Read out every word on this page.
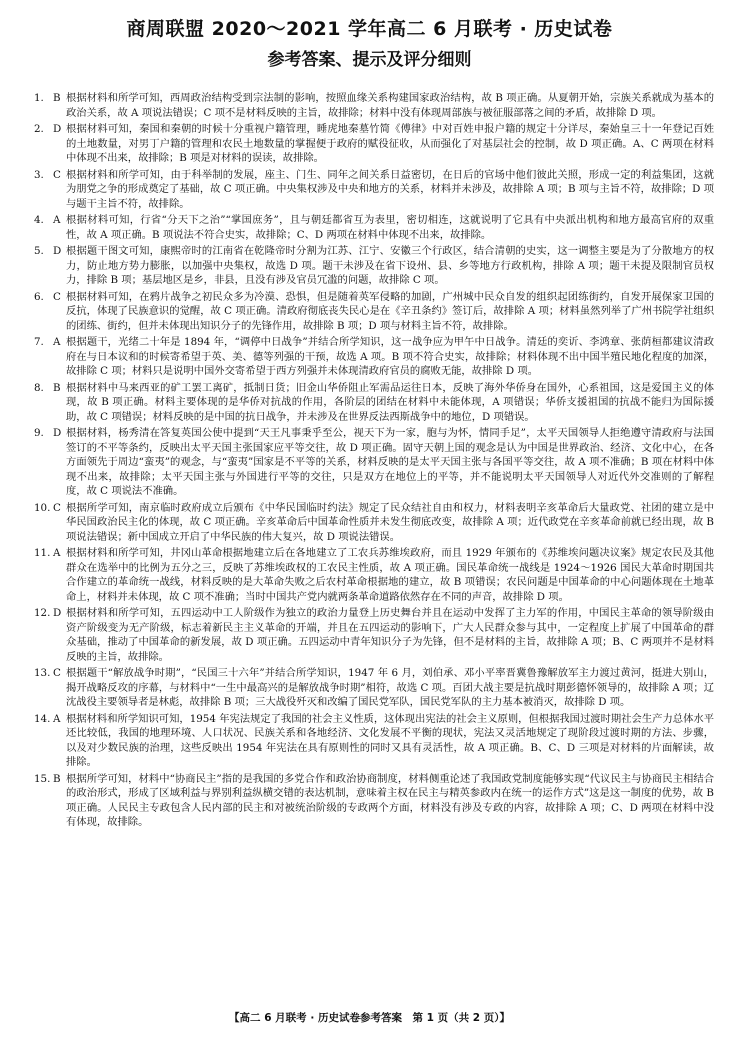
商周联盟 2020～2021 学年高二 6 月联考 · 历史试卷
参考答案、提示及评分细则
1. B 根据材料和所学可知，西周政治结构受到宗法制的影响，按照血缘关系构建国家政治结构，故 B 项正确。从夏朝开始，宗族关系就成为基本的政治关系，故 A 项说法错误；C 项不是材料反映的主旨，故排除；材料中没有体现周部族与被征服部落之间的矛盾，故排除 D 项。
2. D 根据材料可知，秦国和秦朝的时候十分重视户籍管理，睡虎地秦墓竹简《傅律》中对百姓申报户籍的规定十分详尽，秦始皇三十一年登记百姓的土地数量，对男丁户籍的管理和农民土地数量的掌握便于政府的赋役征收，从而强化了对基层社会的控制，故 D 项正确。A、C 两项在材料中体现不出来，故排除；B 项是对材料的误读，故排除。
3. C 根据材料和所学可知，由于科举制的发展，座主、门生、同年之间关系日益密切，在日后的官场中他们彼此关照，形成一定的利益集团，这就为朋党之争的形成奠定了基础，故 C 项正确。中央集权涉及中央和地方的关系，材料并未涉及，故排除 A 项；B 项与主旨不符，故排除；D 项与题干主旨不符，故排除。
4. A 根据材料可知，行省“分天下之治”“掌国庶务”，且与朝廷都省互为表里，密切相连，这就说明了它具有中央派出机构和地方最高官府的双重性，故 A 项正确。B 项说法不符合史实，故排除；C、D 两项在材料中体现不出来，故排除。
5. D 根据题干图文可知，康熙帝时的江南省在乾隆帝时分割为江苏、江宁、安徽三个行政区，结合清朝的史实，这一调整主要是为了分散地方的权力，防止地方势力膨胀，以加强中央集权，故选 D 项。题干未涉及在省下设州、县、乡等地方行政机构，排除 A 项；题干未提及限制官员权力，排除 B 项；基层地区是乡，非县，且没有涉及官员冗滥的问题，故排除 C 项。
6. C 根据材料可知，在鸦片战争之初民众多为冷漠、恐惧，但是随着英军侵略的加剧，广州城中民众自发的组织起团练街约，自发开展保家卫国的反抗，体现了民族意识的觉醒，故 C 项正确。清政府彻底丧失民心是在《辛丑条约》签订后，故排除 A 项；材料虽然列举了广州书院学社组织的团练、街约，但并未体现出知识分子的先锋作用，故排除 B 项；D 项与材料主旨不符，故排除。
7. A 根据题干，光绪二十年是 1894 年，“调停中日战争”并结合所学知识，这一战争应为甲午中日战争。清廷的奕䜣、李鸿章、张荫桓都建议清政府在与日本议和的时候寄希望于英、美、德等列强的干预，故选 A 项。B 项不符合史实，故排除；材料体现不出中国半殖民地化程度的加深，故排除 C 项；材料只是说明中国外交寄希望于西方列强并未体现清政府官员的腐败无能，故排除 D 项。
8. B 根据材料中马来西亚的矿工罢工离矿，抵制日货；旧金山华侨阻止军需品运往日本，反映了海外华侨身在国外，心系祖国，这是爱国主义的体现，故 B 项正确。材料主要体现的是华侨对抗战的作用，各阶层的团结在材料中未能体现，A 项错误；华侨支援祖国的抗战不能归为国际援助，故 C 项错误；材料反映的是中国的抗日战争，并未涉及在世界反法西斯战争中的地位，D 项错误。
9. D 根据材料，杨秀清在答复英国公使中提到“天王凡事秉乎至公，视天下为一家，胞与为怀，情同手足”，太平天国领导人拒绝遵守清政府与法国签订的不平等条约，反映出太平天国主张国家应平等交往，故 D 项正确。固守天朝上国的观念是认为中国是世界政治、经济、文化中心，在各方面领先于周边“蛮夷”的观念，与“蛮夷”国家是不平等的关系，材料反映的是太平天国主张与各国平等交往，故 A 项不准确；B 项在材料中体现不出来，故排除；太平天国主张与外国进行平等的交往，只是双方在地位上的平等，并不能说明太平天国领导人对近代外交准则的了解程度，故 C 项说法不准确。
10. C 根据所学可知，南京临时政府成立后颁布《中华民国临时约法》规定了民众结社自由和权力，材料表明辛亥革命后大量政党、社团的建立是中华民国政治民主化的体现，故 C 项正确。辛亥革命后中国革命性质并未发生彻底改变，故排除 A 项；近代政党在辛亥革命前就已经出现，故 B 项说法错误；新中国成立开启了中华民族的伟大复兴，故 D 项说法错误。
11. A 根据材料和所学可知，井冈山革命根据地建立后在各地建立了工农兵苏维埃政府，而且 1929 年颁布的《苏维埃问题决议案》规定农民及其他群众在选举中的比例为五分之三，反映了苏维埃政权的工农民主性质，故 A 项正确。国民革命统一战线是 1924～1926 国民大革命时期国共合作建立的革命统一战线，材料反映的是大革命失败之后农村革命根据地的建立，故 B 项错误；农民问题是中国革命的中心问题体现在土地革命上，材料并未体现，故 C 项不准确；当时中国共产党内就两条革命道路依然存在不同的声音，故排除 D 项。
12. D 根据材料和所学可知，五四运动中工人阶级作为独立的政治力量登上历史舞台并且在运动中发挥了主力军的作用，中国民主革命的领导阶级由资产阶级变为无产阶级，标志着新民主主义革命的开端，并且在五四运动的影响下，广大人民群众参与其中，一定程度上扩展了中国革命的群众基础，推动了中国革命的新发展，故 D 项正确。五四运动中青年知识分子为先锋，但不是材料的主旨，故排除 A 项；B、C 两项并不是材料反映的主旨，故排除。
13. C 根据题干“解放战争时期”，“民国三十六年”并结合所学知识，1947 年 6 月，刘伯承、邓小平率晋冀鲁豫解放军主力渡过黄河，挺进大别山，揭开战略反攻的序幕，与材料中“一生中最高兴的是解放战争时期”相符，故选 C 项。百团大战主要是抗战时期彭德怀领导的，故排除 A 项；辽沈战役主要领导者是林彪，故排除 B 项；三大战役歼灭和改编了国民党军队，国民党军队的主力基本被消灭，故排除 D 项。
14. A 根据材料和所学知识可知，1954 年宪法规定了我国的社会主义性质，这体现出宪法的社会主义原则，但根据我国过渡时期社会生产力总体水平还比较低，我国的地理环境、人口状况、民族关系和各地经济、文化发展不平衡的现状，宪法又灵活地规定了现阶段过渡时期的方法、步骤，以及对少数民族的治理，这些反映出 1954 年宪法在具有原则性的同时又具有灵活性，故 A 项正确。B、C、D 三项是对材料的片面解读，故排除。
15. B 根据所学可知，材料中“协商民主”指的是我国的多党合作和政治协商制度，材料侧重论述了我国政党制度能够实现“代议民主与协商民主相结合的政治形式，形成了区域利益与界别利益纵横交错的表达机制，意味着主权在民主与精英参政内在统一的运作方式”这是这一制度的优势，故 B 项正确。人民民主专政包含人民内部的民主和对被统治阶级的专政两个方面，材料没有涉及专政的内容，故排除 A 项；C、D 两项在材料中没有体现，故排除。
【高二 6 月联考 · 历史试卷参考答案　第 1 页（共 2 页）】
